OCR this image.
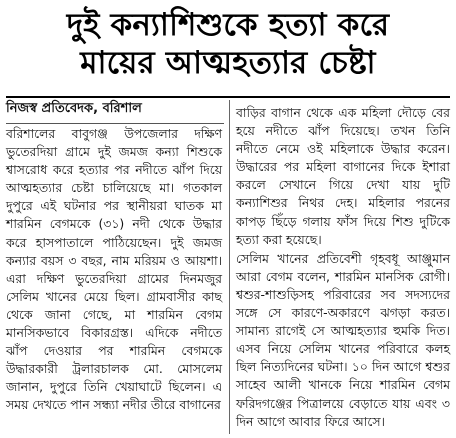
দুই কন্যাশিশুকে হত্যা করে
মায়ের আত্মহত্যার চেষ্টা
নিজস্ব প্রতিবেদক, বরিশাল

বরিশালের বাবুগঞ্জ উপজেলার দক্ষিণ ভুতেরদিয়া গ্রামে দুই জমজ কন্যা শিশুকে শ্বাসরোধ করে হত্যার পর নদীতে ঝাঁপ দিয়ে আত্মহত্যার চেষ্টা চালিয়েছে মা। গতকাল দুপুরে এই ঘটনার পর স্থানীয়রা ঘাতক মা শারমিন বেগমকে (৩১) নদী থেকে উদ্ধার করে হাসপাতালে পাঠিয়েছেন। দুই জমজ কন্যার বয়স ৩ বছর, নাম মরিয়ম ও আয়শা। এরা দক্ষিণ ভুতেরদিয়া গ্রামের দিনমজুর সেলিম খানের মেয়ে ছিল। গ্রামবাসীর কাছ থেকে জানা গেছে, মা শারমিন বেগম মানসিকভাবে বিকারগ্রস্ত। এদিকে নদীতে ঝাঁপ দেওয়ার পর শারমিন বেগমকে উদ্ধারকারী ট্রলারচালক মো. মোসলেম জানান, দুপুরে তিনি খেয়াঘাটে ছিলেন। এ সময় দেখতে পান সন্ধ্যা নদীর তীরে বাগানের

বাড়ির বাগান থেকে এক মহিলা দৌড়ে বের হয়ে নদীতে ঝাঁপ দিয়েছে। তখন তিনি নদীতে নেমে ওই মহিলাকে উদ্ধার করেন। উদ্ধারের পর মহিলা বাগানের দিকে ইশারা করলে সেখানে গিয়ে দেখা যায় দুটি কন্যাশিশুর নিথর দেহ। মহিলার পরনের কাপড় ছিঁড়ে গলায় ফাঁস দিয়ে শিশু দুটিকে হত্যা করা হয়েছে।

সেলিম খানের প্রতিবেশী গৃহবধূ আঞ্জুমান আরা বেগম বলেন, শারমিন মানসিক রোগী। শ্বশুর-শাশুড়িসহ পরিবারের সব সদস্যদের সঙ্গে সে কারণে-অকারণে ঝগড়া করত। সামান্য রাগেই সে আত্মহত্যার হুমকি দিত। এসব নিয়ে সেলিম খানের পরিবারে কলহ ছিল নিত্যদিনের ঘটনা। ১০ দিন আগে শ্বশুর সাহেব আলী খানকে নিয়ে শারমিন বেগম ফরিদগঞ্জের পিত্রালয়ে বেড়াতে যায় এবং ৩ দিন আগে আবার ফিরে আসে।
